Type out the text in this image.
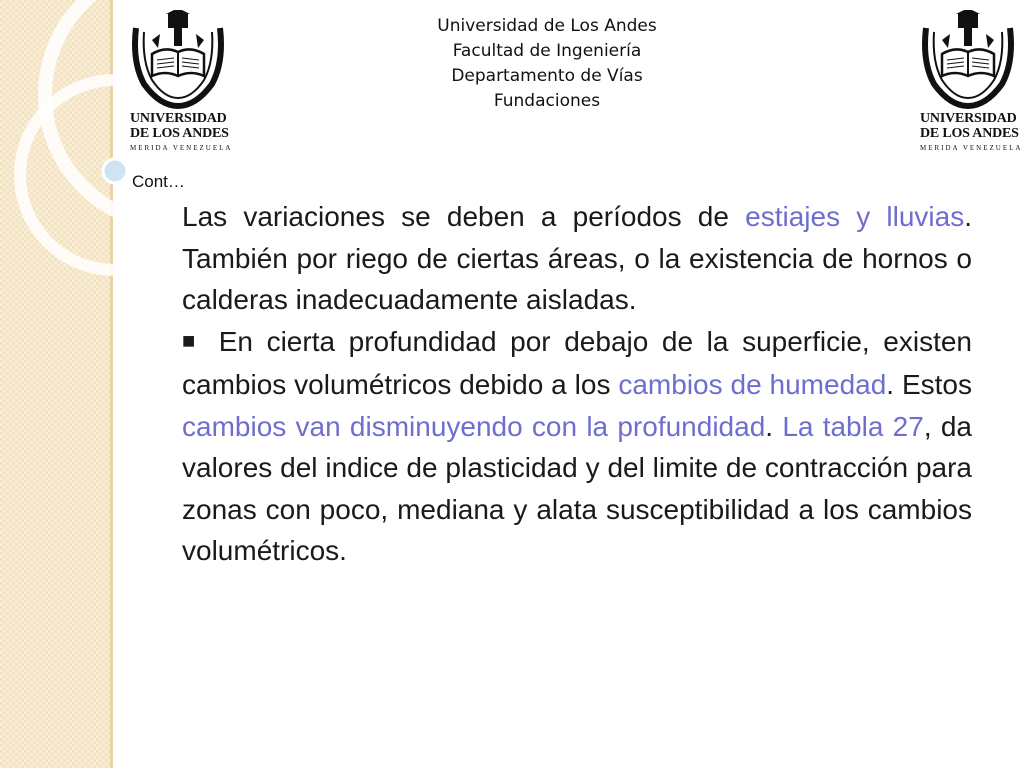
Universidad de Los Andes
Facultad de Ingeniería
Departamento de Vías
Fundaciones
UNIVERSIDAD
DE LOS ANDES
MERIDA VENEZUELA
UNIVERSIDAD
DE LOS ANDES
MERIDA VENEZUELA
Cont…

Las variaciones se deben a períodos de estiajes y lluvias. También por riego de ciertas áreas, o la existencia de hornos o calderas inadecuadamente aisladas.

■ En cierta profundidad por debajo de la superficie, existen cambios volumétricos debido a los cambios de humedad. Estos cambios van disminuyendo con la profundidad. La tabla 27, da valores del indice de plasticidad y del limite de contracción para zonas con poco, mediana y alata susceptibilidad a los cambios volumétricos.
